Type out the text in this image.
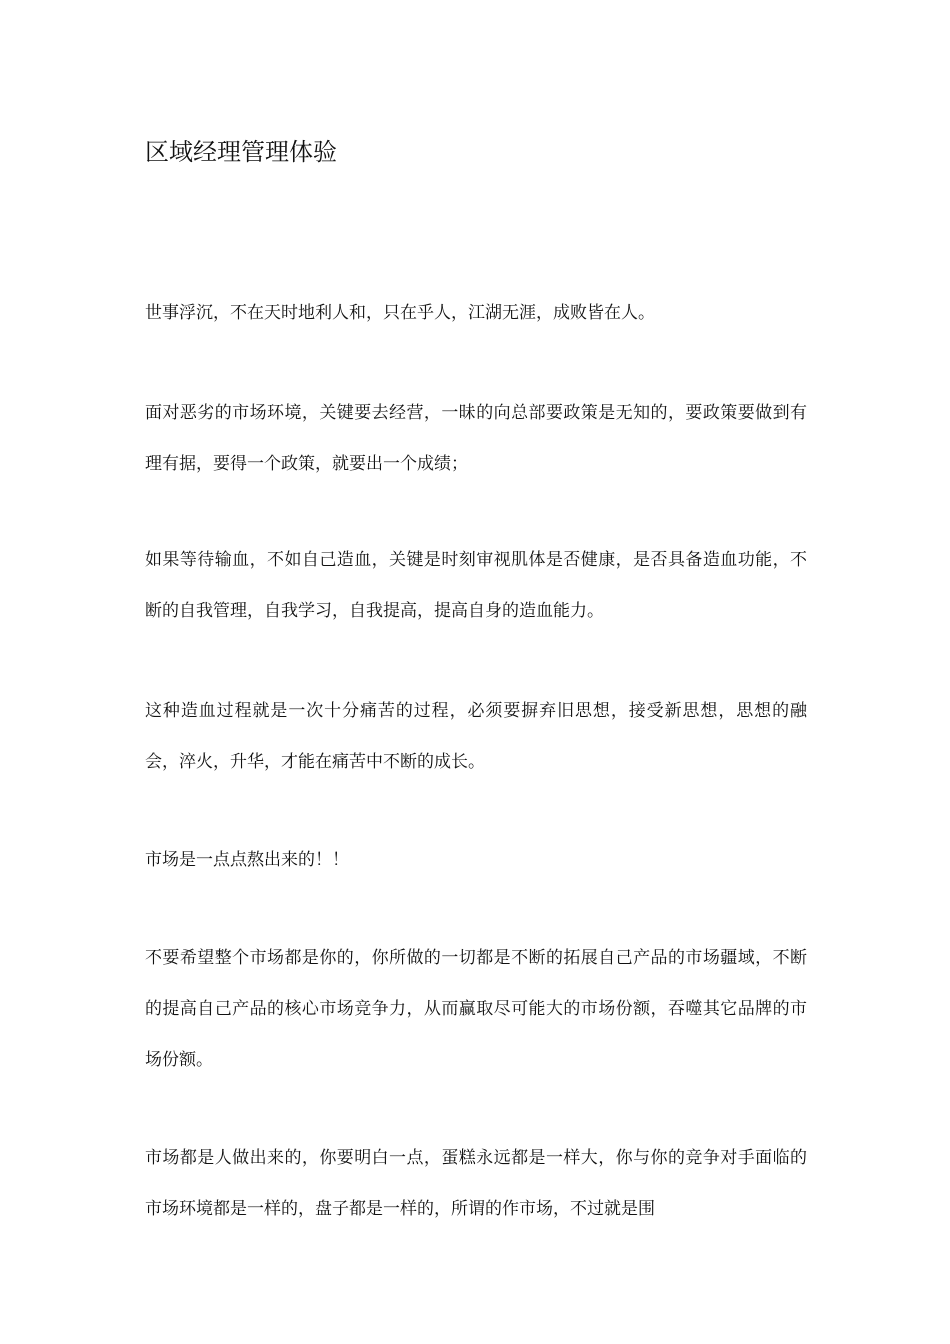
区域经理管理体验

世事浮沉，不在天时地利人和，只在乎人，江湖无涯，成败皆在人。

面对恶劣的市场环境，关键要去经营，一昧的向总部要政策是无知的，要政策要做到有理有据，要得一个政策，就要出一个成绩；

如果等待输血，不如自己造血，关键是时刻审视肌体是否健康，是否具备造血功能，不断的自我管理，自我学习，自我提高，提高自身的造血能力。

这种造血过程就是一次十分痛苦的过程，必须要摒弃旧思想，接受新思想，思想的融会，淬火，升华，才能在痛苦中不断的成长。

市场是一点点熬出来的！！

不要希望整个市场都是你的，你所做的一切都是不断的拓展自己产品的市场疆域，不断的提高自己产品的核心市场竞争力，从而赢取尽可能大的市场份额，吞噬其它品牌的市场份额。

市场都是人做出来的，你要明白一点，蛋糕永远都是一样大，你与你的竞争对手面临的市场环境都是一样的，盘子都是一样的，所谓的作市场，不过就是围
